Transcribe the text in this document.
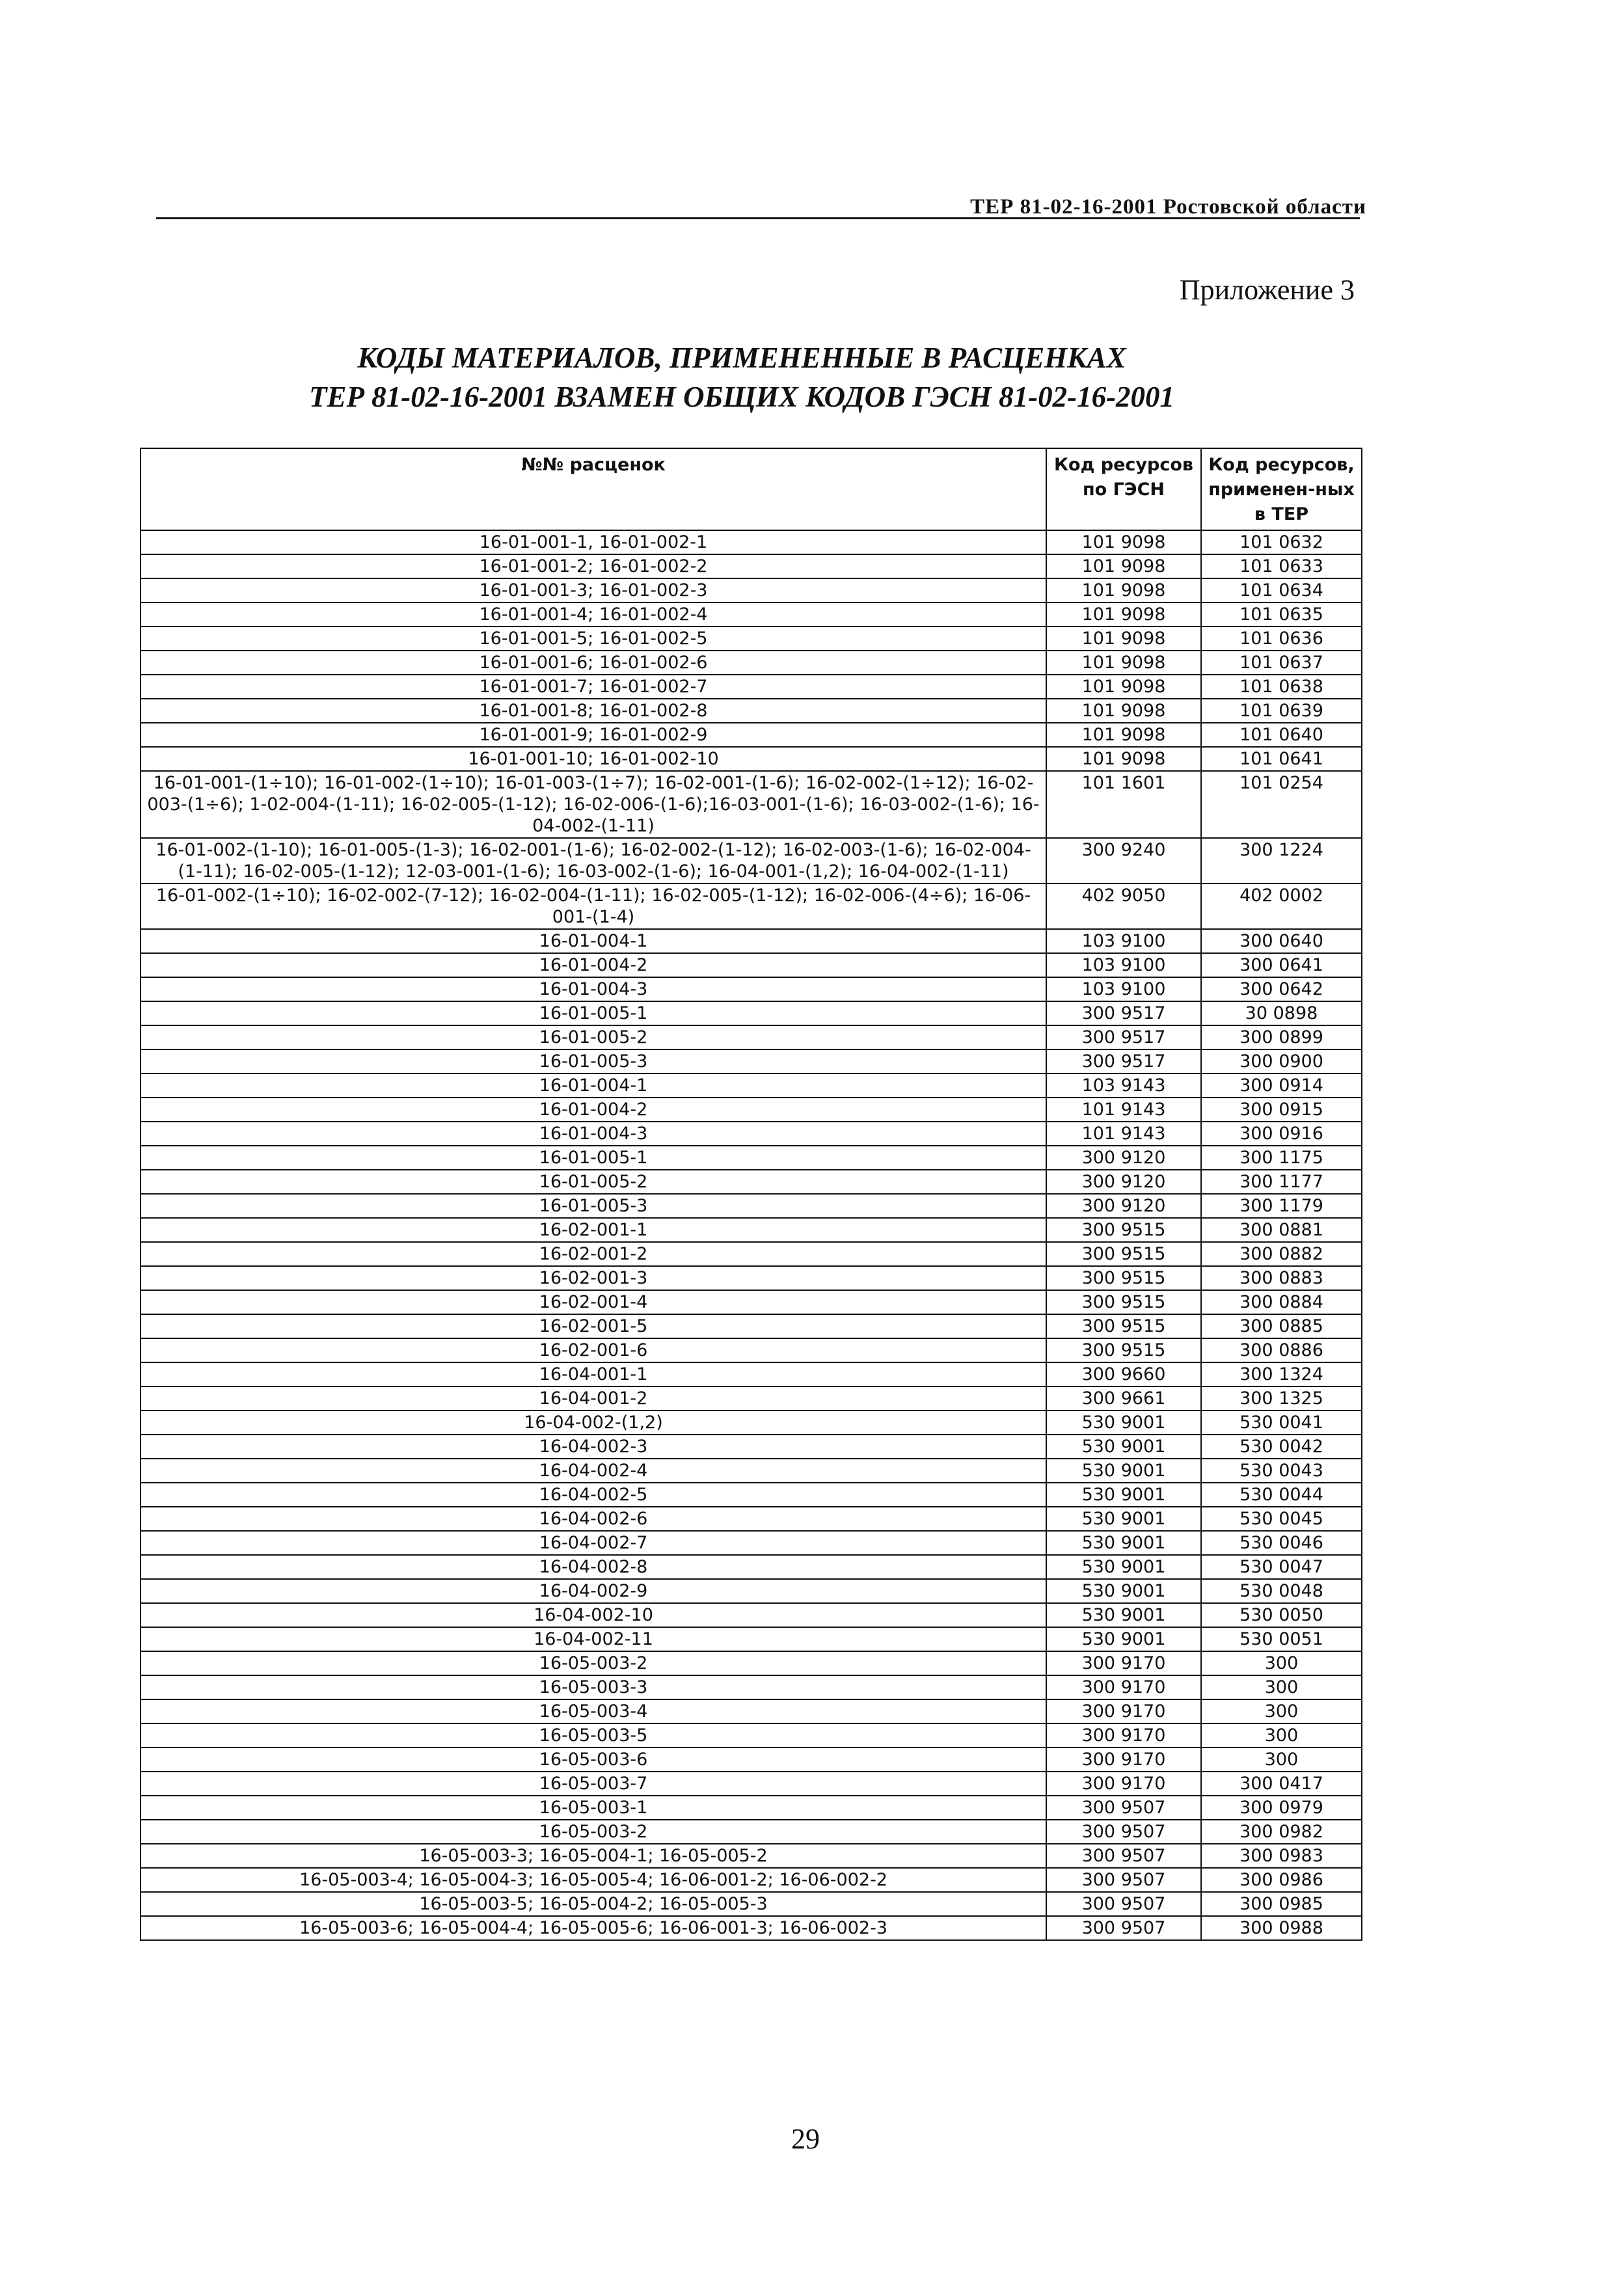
ТЕР 81-02-16-2001 Ростовской области
Приложение 3
КОДЫ МАТЕРИАЛОВ, ПРИМЕНЕННЫЕ В РАСЦЕНКАХ
ТЕР 81-02-16-2001 ВЗАМЕН ОБЩИХ КОДОВ ГЭСН 81-02-16-2001
№№ расценок	Код ресурсов по ГЭСН	Код ресурсов, применен-ных в ТЕР
16-01-001-1, 16-01-002-1	101 9098	101 0632
16-01-001-2; 16-01-002-2	101 9098	101 0633
16-01-001-3; 16-01-002-3	101 9098	101 0634
16-01-001-4; 16-01-002-4	101 9098	101 0635
16-01-001-5; 16-01-002-5	101 9098	101 0636
16-01-001-6; 16-01-002-6	101 9098	101 0637
16-01-001-7; 16-01-002-7	101 9098	101 0638
16-01-001-8; 16-01-002-8	101 9098	101 0639
16-01-001-9; 16-01-002-9	101 9098	101 0640
16-01-001-10; 16-01-002-10	101 9098	101 0641
16-01-001-(1÷10); 16-01-002-(1÷10); 16-01-003-(1÷7); 16-02-001-(1-6); 16-02-002-(1÷12); 16-02-003-(1÷6); 1-02-004-(1-11); 16-02-005-(1-12); 16-02-006-(1-6);16-03-001-(1-6); 16-03-002-(1-6); 16-04-002-(1-11)	101 1601	101 0254
16-01-002-(1-10); 16-01-005-(1-3); 16-02-001-(1-6); 16-02-002-(1-12); 16-02-003-(1-6); 16-02-004-(1-11); 16-02-005-(1-12); 12-03-001-(1-6); 16-03-002-(1-6); 16-04-001-(1,2); 16-04-002-(1-11)	300 9240	300 1224
16-01-002-(1÷10); 16-02-002-(7-12); 16-02-004-(1-11); 16-02-005-(1-12); 16-02-006-(4÷6); 16-06-001-(1-4)	402 9050	402 0002
16-01-004-1	103 9100	300 0640
16-01-004-2	103 9100	300 0641
16-01-004-3	103 9100	300 0642
16-01-005-1	300 9517	30 0898
16-01-005-2	300 9517	300 0899
16-01-005-3	300 9517	300 0900
16-01-004-1	103 9143	300 0914
16-01-004-2	101 9143	300 0915
16-01-004-3	101 9143	300 0916
16-01-005-1	300 9120	300 1175
16-01-005-2	300 9120	300 1177
16-01-005-3	300 9120	300 1179
16-02-001-1	300 9515	300 0881
16-02-001-2	300 9515	300 0882
16-02-001-3	300 9515	300 0883
16-02-001-4	300 9515	300 0884
16-02-001-5	300 9515	300 0885
16-02-001-6	300 9515	300 0886
16-04-001-1	300 9660	300 1324
16-04-001-2	300 9661	300 1325
16-04-002-(1,2)	530 9001	530 0041
16-04-002-3	530 9001	530 0042
16-04-002-4	530 9001	530 0043
16-04-002-5	530 9001	530 0044
16-04-002-6	530 9001	530 0045
16-04-002-7	530 9001	530 0046
16-04-002-8	530 9001	530 0047
16-04-002-9	530 9001	530 0048
16-04-002-10	530 9001	530 0050
16-04-002-11	530 9001	530 0051
16-05-003-2	300 9170	300
16-05-003-3	300 9170	300
16-05-003-4	300 9170	300
16-05-003-5	300 9170	300
16-05-003-6	300 9170	300
16-05-003-7	300 9170	300 0417
16-05-003-1	300 9507	300 0979
16-05-003-2	300 9507	300 0982
16-05-003-3; 16-05-004-1; 16-05-005-2	300 9507	300 0983
16-05-003-4; 16-05-004-3; 16-05-005-4; 16-06-001-2; 16-06-002-2	300 9507	300 0986
16-05-003-5; 16-05-004-2; 16-05-005-3	300 9507	300 0985
16-05-003-6; 16-05-004-4; 16-05-005-6; 16-06-001-3; 16-06-002-3	300 9507	300 0988
29
